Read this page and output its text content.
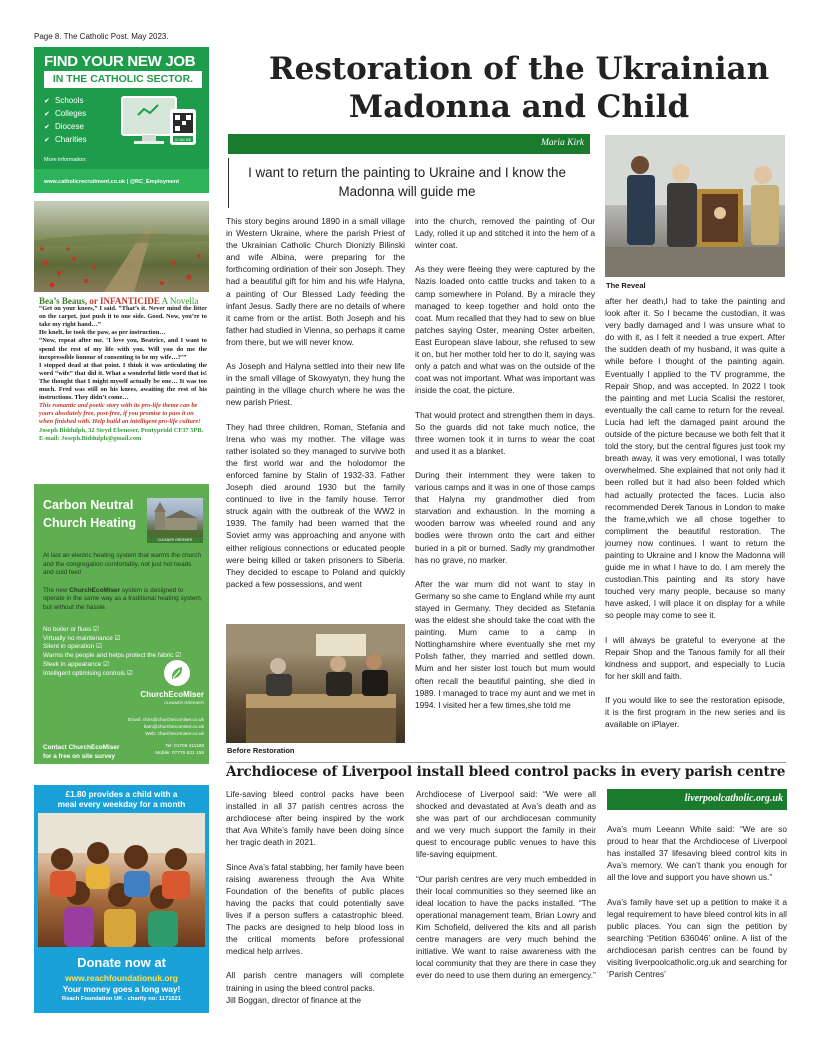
Page 8. The Catholic Post. May 2023.
FIND YOUR NEW JOB
IN THE CATHOLIC SECTOR.
✔ Schools
✔ Colleges
✔ Diocese
✔ Charities	SCAN ME
More information:
www.catholicrecruitment.co.uk | @RC_Employment
Bea’s Beaus, or INFANTICIDE A Novella
“Get on your knees,” I said. “That’s it. Never mind the litter on the carpet, just push it to one side. Good. Now, you’re to take my right hand…”
He knelt, he took the paw, as per instruction…
“Now, repeat after me. ‘I love you, Beatrice, and I want to spend the rest of my life with you. Will you do me the inexpressible honour of consenting to be my wife…?’”
I stopped dead at that point. I think it was articulating the word “wife” that did it. What a wonderful little word that is! The thought that I might myself actually be one… It was too much. Fred was still on his knees, awaiting the rest of his instructions. They didn’t come…
This romantic and poetic story with its pro-life theme can be yours absolutely free, post-free, if you promise to pass it on when finished with. Help build an intelligent pro-life culture!
Joseph Biddulph, 32 Stryd Ebeneser, Pontypridd CF37 5PB. E-mail: Joseph.Biddulph@gmail.com
Carbon Neutral
Church Heating
CLEANER GREENER

At last an electric heating system that warms the church and the congregation comfortably, not just hot heads and cold feet!

The new ChurchEcoMiser system is designed to operate in the same way as a traditional heating system, but without the hassle.

No boiler or flues ☑
Virtually no maintenance ☑
Silent in operation ☑
Warms the people and helps protect the fabric ☑
Sleek in appearance ☑
Intelligent optimising controls ☑
ChurchEcoMiser
CLEANER GREENER
Email: chris@churchecomiser.co.uk
liam@churchecomiser.co.uk
Web: churchecomiser.co.uk
Contact ChurchEcoMiser
for a free on site survey
Tel: 01706 411189
Mobile: 07770 621 158
£1.80 provides a child with a
meal every weekday for a month
Donate now at
www.reachfoundationuk.org
Your money goes a long way!
Reach Foundation UK - charity no: 1171521
Restoration of the Ukrainian
Madonna and Child
Maria Kirk
I want to return the painting to Ukraine and I know the Madonna will guide me
This story begins around 1890 in a small village in Western Ukraine, where the parish Priest of the Ukrainian Catholic Church Dionizly Bilinski and wife Albina, were preparing for the forthcoming ordination of their son Joseph. They had a beautiful gift for him and his wife Halyna, a painting of Our Blessed Lady feeding the infant Jesus. Sadly there are no details of where it came from or the artist. Both Joseph and his father had studied in Vienna, so perhaps it came from there, but we will never know.

As Joseph and Halyna settled into their new life in the small village of Skowyatyn, they hung the painting in the village church where he was the new parish Priest.

They had three children, Roman, Stefania and Irena who was my mother. The village was rather isolated so they managed to survive both the first world war and the holodomor the enforced famine by Stalin of 1932-33. Father Joseph died around 1930 but the family continued to live in the family house. Terror struck again with the outbreak of the WW2 in 1939. The family had been warned that the Soviet army was approaching and anyone with either religious connections or educated people were being killed or taken prisoners to Siberia. They decided to escape to Poland and quickly packed a few possessions, and went
into the church, removed the painting of Our Lady, rolled it up and stitched it into the hem of a winter coat.

As they were fleeing they were captured by the Nazis loaded onto cattle trucks and taken to a camp somewhere in Poland. By a miracle they managed to keep together and hold onto the coat. Mum recalled that they had to sew on blue patches saying Oster, meaning Oster arbeiten, East European slave labour, she refused to sew it on, but her mother told her to do it, saying was only a patch and what was on the outside of the coat was not important. What was important was inside the coat, the picture.

That would protect and strengthen them in days. So the guards did not take much notice, the three women took it in turns to wear the coat and used it as a blanket.

During their internment they were taken to various camps and it was in one of those camps that Halyna my grandmother died from starvation and exhaustion. In the morning a wooden barrow was wheeled round and any bodies were thrown onto the cart and either buried in a pit or burned. Sadly my grandmother has no grave, no marker.

After the war mum did not want to stay in Germany so she came to England while my aunt stayed in Germany. They decided as Stefania was the eldest she should take the coat with the painting. Mum came to a camp in Nottinghamshire where eventually she met my Polish father, they married and settled down. Mum and her sister lost touch but mum would often recall the beautiful painting, she died in 1989. I managed to trace my aunt and we met in 1994. I visited her a few times,she told me
after her death,I had to take the painting and look after it. So I became the custodian, it was very badly damaged and I was unsure what to do with it, as I felt it needed a true expert. After the sudden death of my husband, it was quite a while before I thought of the painting again. Eventually I applied to the TV programme, the Repair Shop, and was accepted. In 2022 I took the painting and met Lucia Scalisi the restorer, eventually the call came to return for the reveal. Lucia had left the damaged paint around the outside of the picture because we both felt that it told the story, but the central figures just took my breath away, it was very emotional, I was totally overwhelmed. She explained that not only had it been rolled but it had also been folded which had actually protected the faces. Lucia also recommended Derek Tanous in London to make the frame,which we all chose together to compliment the beautiful restoration. The journey now continues. I want to return the painting to Ukraine and I know the Madonna will guide me in what I have to do. I am merely the custodian.This painting and its story have touched very many people, because so many have asked, I will place it on display for a while so people may come to see it.

I will always be grateful to everyone at the Repair Shop and the Tanous family for all their kindness and support, and especially to Lucia for her skill and faith.

If you would like to see the restoration episode, it is the first program in the new series and iis available on iPlayer.
Before Restoration
The Reveal
Archdiocese of Liverpool install bleed control packs in every parish centre
Life-saving bleed control packs have been installed in all 37 parish centres across the archdiocese after being inspired by the work that Ava White’s family have been doing since her tragic death in 2021.

Since Ava’s fatal stabbing, her family have been raising awareness through the Ava White Foundation of the benefits of public places having the packs that could potentially save lives if a person suffers a catastrophic bleed. The packs are designed to help blood loss in the critical moments before professional medical help arrives.

All parish centre managers will complete training in using the bleed control packs.
Jill Boggan, director of finance at the
Archdiocese of Liverpool said: “We were all shocked and devastated at Ava’s death and as she was part of our archdiocesan community and we very much support the family in their quest to encourage public venues to have this life-saving equipment.

“Our parish centres are very much embedded in their local communities so they seemed like an ideal location to have the packs installed. “The operational management team, Brian Lowry and Kim Schofield, delivered the kits and all parish centre managers are very much behind the initiative. We want to raise awareness with the local community that they are there in case they ever do need to use them during an emergency.”
liverpoolcatholic.org.uk
Ava’s mum Leeann White said: “We are so proud to hear that the Archdiocese of Liverpool has installed 37 lifesaving bleed control kits in Ava’s memory. We can’t thank you enough for all the love and support you have shown us.”

Ava’s family have set up a petition to make it a legal requirement to have bleed control kits in all public places. You can sign the petition by searching ‘Petition 636046’ online. A list of the archdiocesan parish centres can be found by visiting liverpoolcatholic.org.uk and searching for ‘Parish Centres’
